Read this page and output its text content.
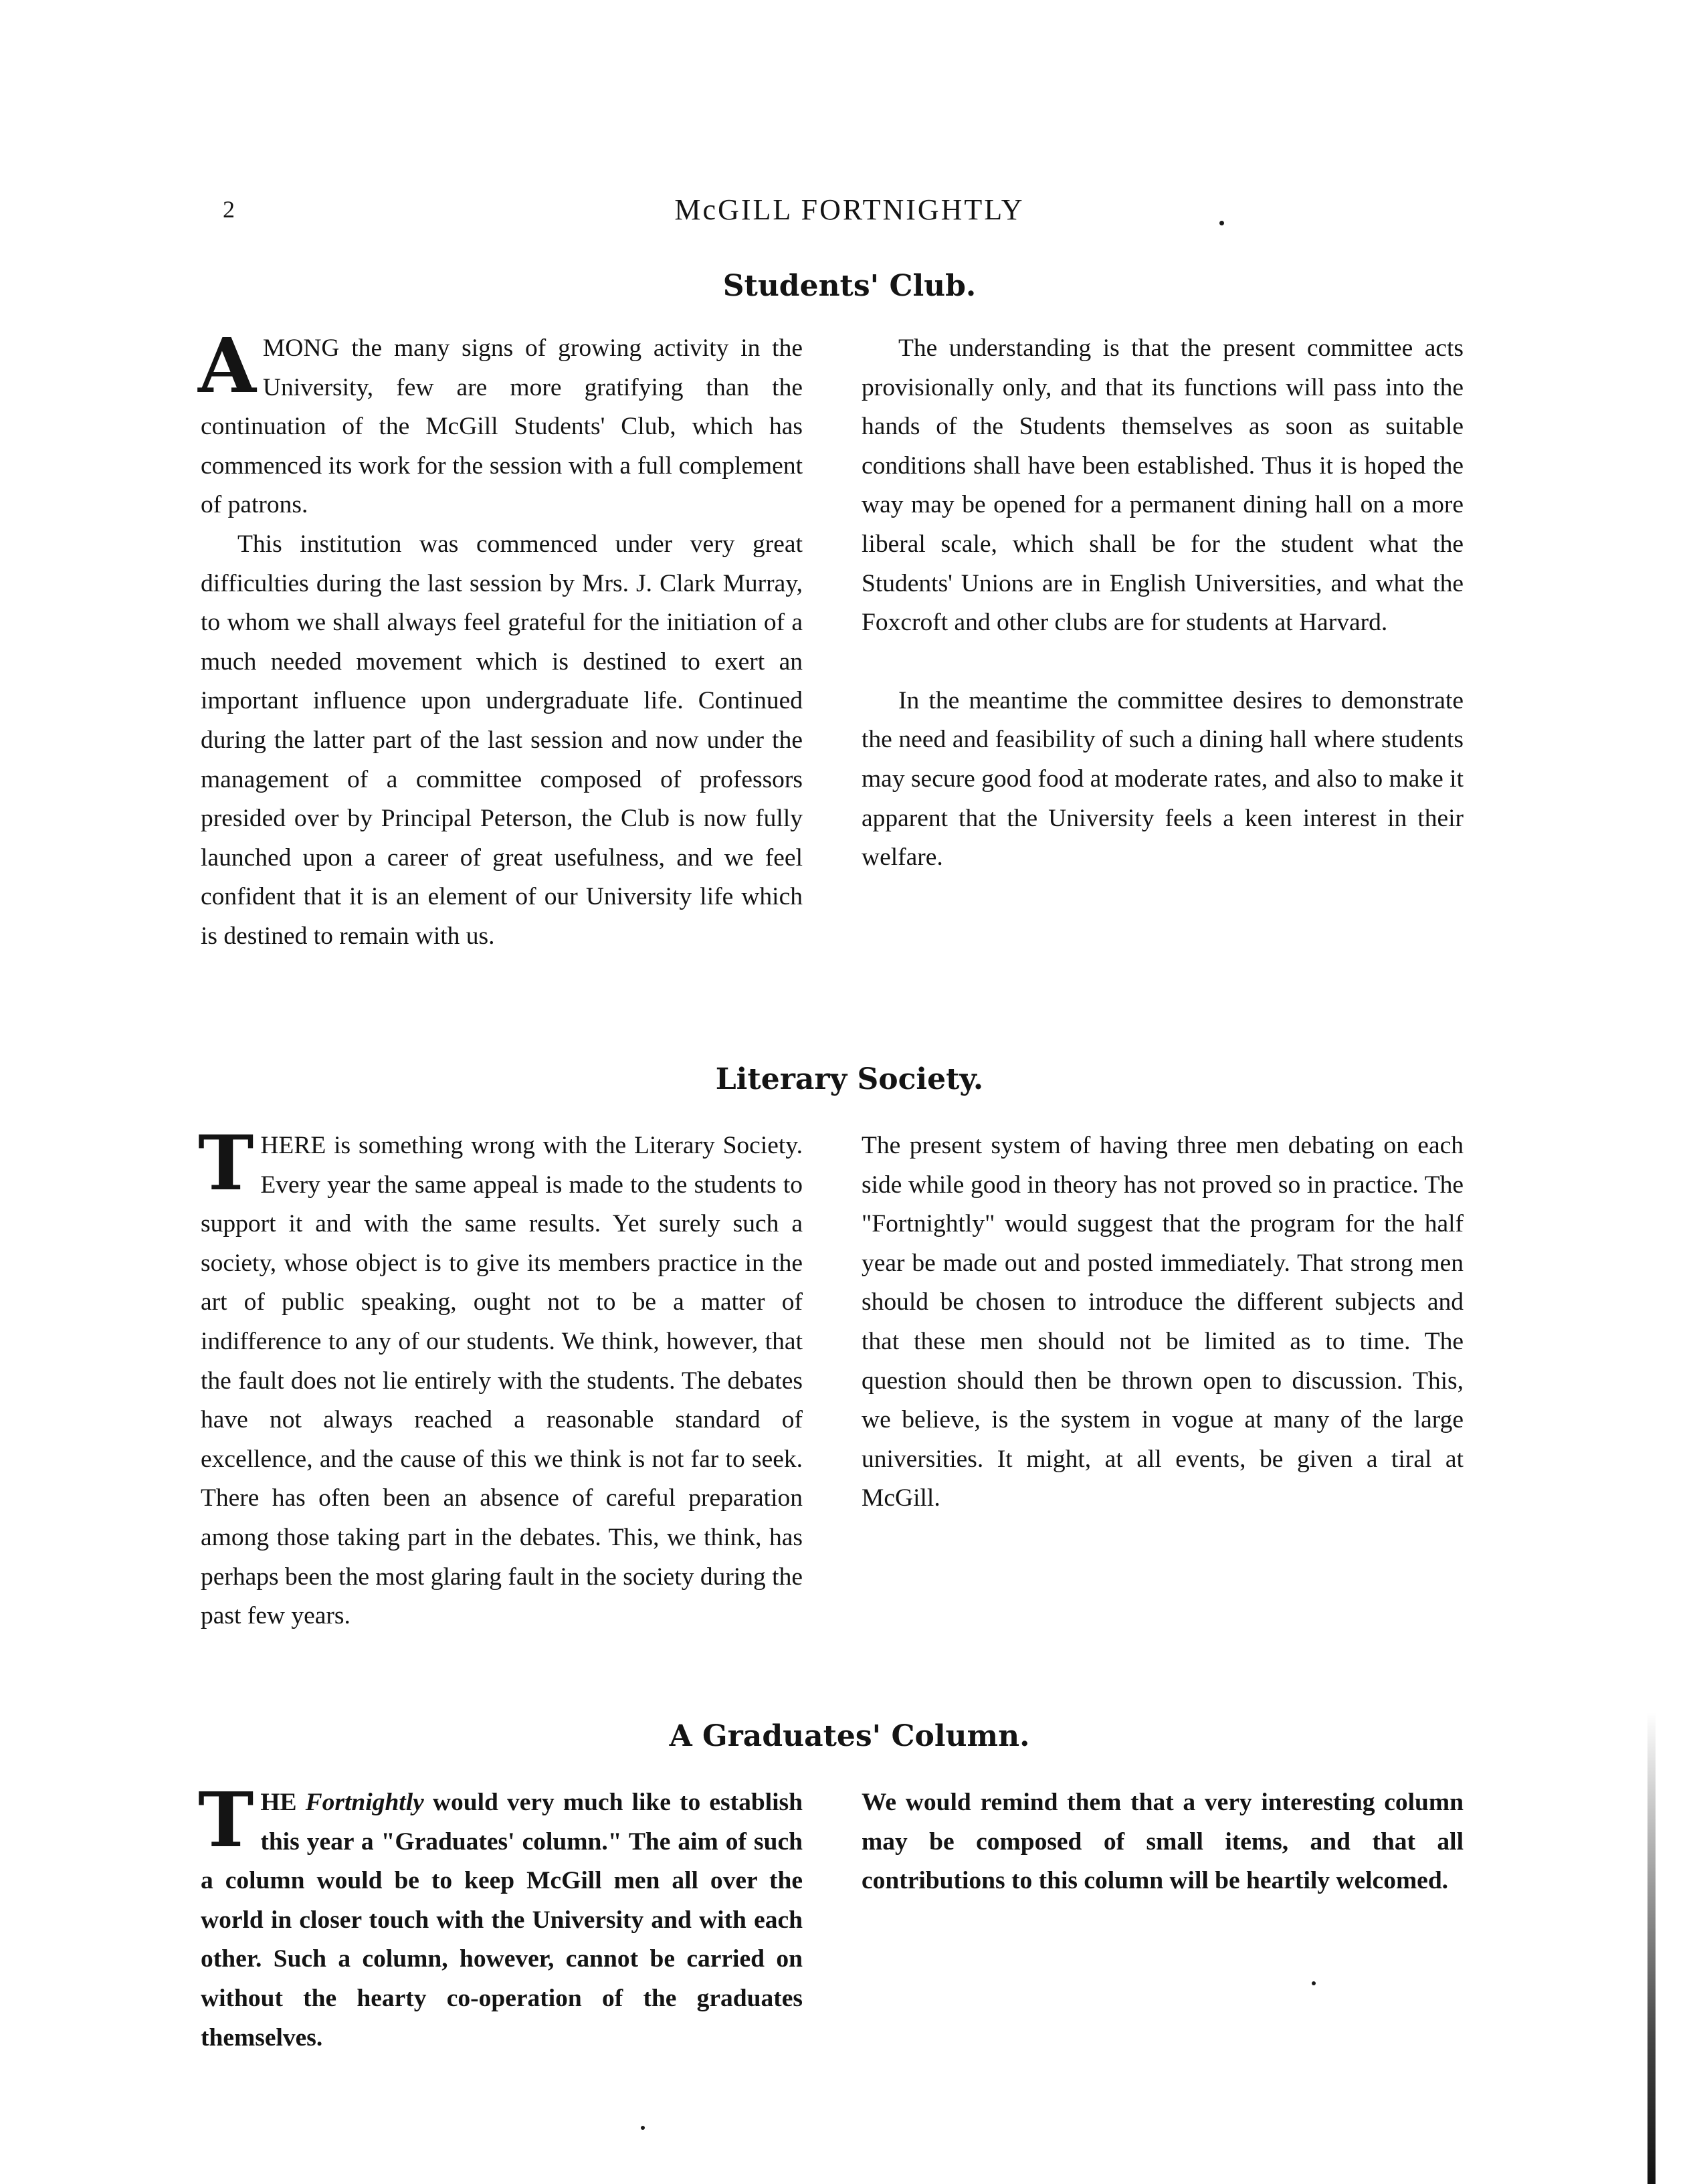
2	McGILL FORTNIGHTLY
Students' Club.

AMONG the many signs of growing activity in the University, few are more gratifying than the continuation of the McGill Students' Club, which has commenced its work for the session with a full complement of patrons.

This institution was commenced under very great difficulties during the last session by Mrs. J. Clark Murray, to whom we shall always feel grateful for the initiation of a much needed movement which is destined to exert an important influence upon undergraduate life. Continued during the latter part of the last session and now under the management of a committee composed of professors presided over by Principal Peterson, the Club is now fully launched upon a career of great usefulness, and we feel confident that it is an element of our University life which is destined to remain with us.

The understanding is that the present committee acts provisionally only, and that its functions will pass into the hands of the Students themselves as soon as suitable conditions shall have been established. Thus it is hoped the way may be opened for a permanent dining hall on a more liberal scale, which shall be for the student what the Students' Unions are in English Universities, and what the Foxcroft and other clubs are for students at Harvard.

In the meantime the committee desires to demonstrate the need and feasibility of such a dining hall where students may secure good food at moderate rates, and also to make it apparent that the University feels a keen interest in their welfare.

Literary Society.

THERE is something wrong with the Literary Society. Every year the same appeal is made to the students to support it and with the same results. Yet surely such a society, whose object is to give its members practice in the art of public speaking, ought not to be a matter of indifference to any of our students. We think, however, that the fault does not lie entirely with the students. The debates have not always reached a reasonable standard of excellence, and the cause of this we think is not far to seek. There has often been an absence of careful preparation among those taking part in the debates. This, we think, has perhaps been the most glaring fault in the society during the past few years.

The present system of having three men debating on each side while good in theory has not proved so in practice. The "Fortnightly" would suggest that the program for the half year be made out and posted immediately. That strong men should be chosen to introduce the different subjects and that these men should not be limited as to time. The question should then be thrown open to discussion. This, we believe, is the system in vogue at many of the large universities. It might, at all events, be given a tiral at McGill.

A Graduates' Column.

THE Fortnightly would very much like to establish this year a "Graduates' column." The aim of such a column would be to keep McGill men all over the world in closer touch with the University and with each other. Such a column, however, cannot be carried on without the hearty co-operation of the graduates themselves.

We would remind them that a very interesting column may be composed of small items, and that all contributions to this column will be heartily welcomed.
